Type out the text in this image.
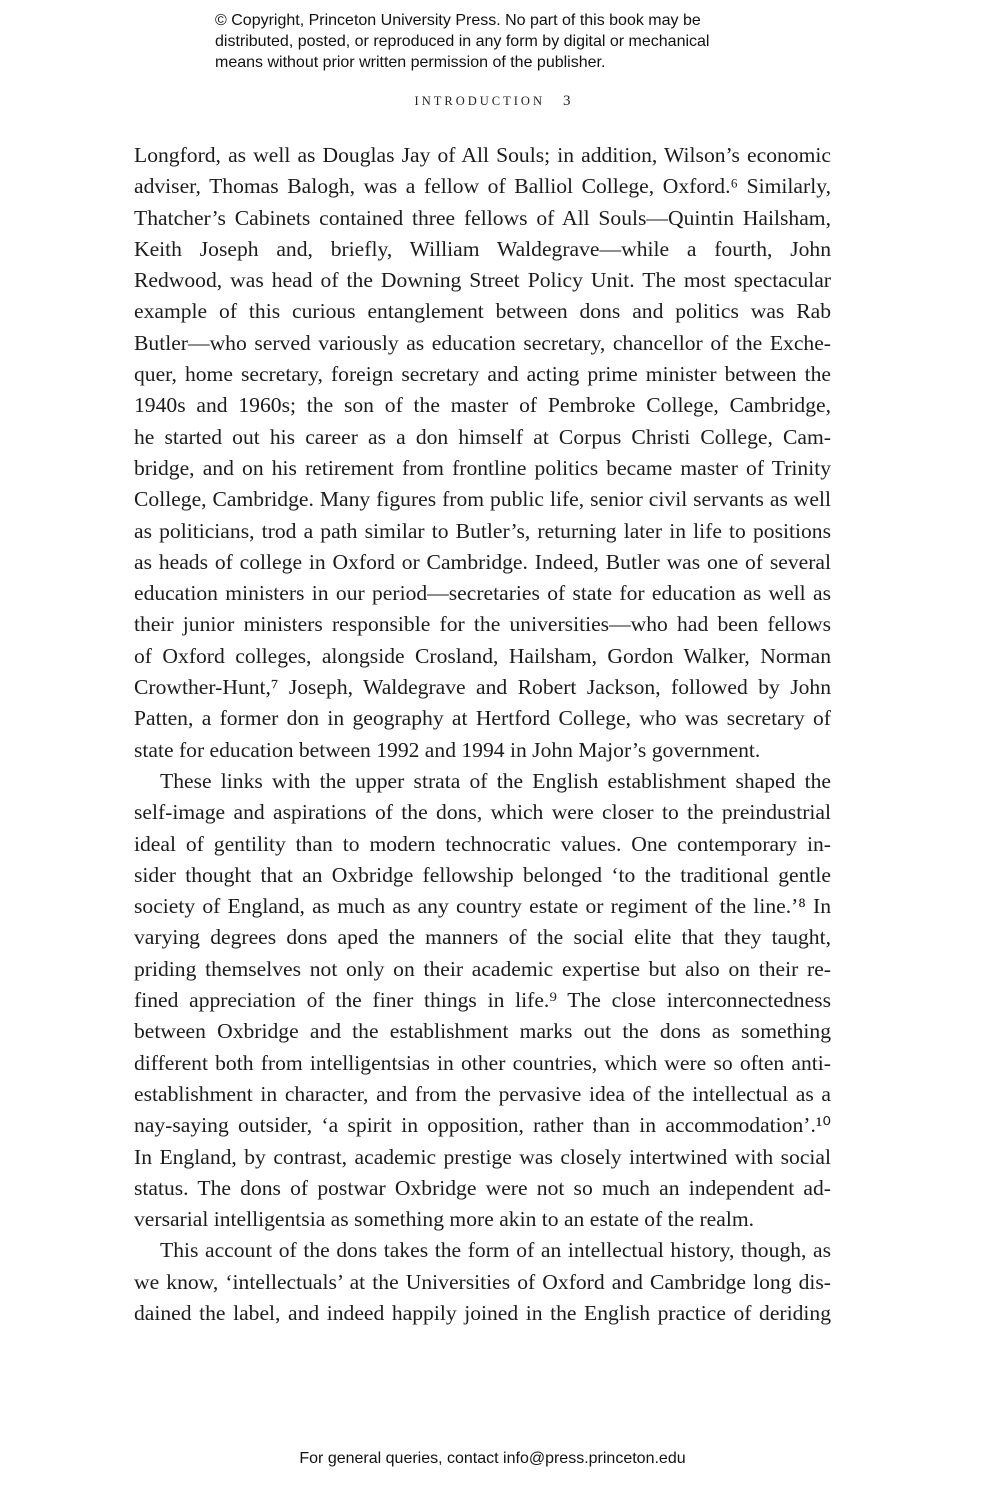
© Copyright, Princeton University Press. No part of this book may be
distributed, posted, or reproduced in any form by digital or mechanical
means without prior written permission of the publisher.
INTRODUCTION 3
Longford, as well as Douglas Jay of All Souls; in addition, Wilson’s economic
adviser, Thomas Balogh, was a fellow of Balliol College, Oxford.⁶ Similarly,
Thatcher’s Cabinets contained three fellows of All Souls—Quintin Hailsham,
Keith Joseph and, briefly, William Waldegrave—while a fourth, John
Redwood, was head of the Downing Street Policy Unit. The most spectacular
example of this curious entanglement between dons and politics was Rab
Butler—who served variously as education secretary, chancellor of the Exche-
quer, home secretary, foreign secretary and acting prime minister between the
1940s and 1960s; the son of the master of Pembroke College, Cambridge,
he started out his career as a don himself at Corpus Christi College, Cam-
bridge, and on his retirement from frontline politics became master of Trinity
College, Cambridge. Many figures from public life, senior civil servants as well
as politicians, trod a path similar to Butler’s, returning later in life to positions
as heads of college in Oxford or Cambridge. Indeed, Butler was one of several
education ministers in our period—secretaries of state for education as well as
their junior ministers responsible for the universities—who had been fellows
of Oxford colleges, alongside Crosland, Hailsham, Gordon Walker, Norman
Crowther-Hunt,⁷ Joseph, Waldegrave and Robert Jackson, followed by John
Patten, a former don in geography at Hertford College, who was secretary of
state for education between 1992 and 1994 in John Major’s government.
These links with the upper strata of the English establishment shaped the
self-image and aspirations of the dons, which were closer to the preindustrial
ideal of gentility than to modern technocratic values. One contemporary in-
sider thought that an Oxbridge fellowship belonged ‘to the traditional gentle
society of England, as much as any country estate or regiment of the line.’⁸ In
varying degrees dons aped the manners of the social elite that they taught,
priding themselves not only on their academic expertise but also on their re-
fined appreciation of the finer things in life.⁹ The close interconnectedness
between Oxbridge and the establishment marks out the dons as something
different both from intelligentsias in other countries, which were so often anti-
establishment in character, and from the pervasive idea of the intellectual as a
nay-saying outsider, ‘a spirit in opposition, rather than in accommodation’.¹⁰
In England, by contrast, academic prestige was closely intertwined with social
status. The dons of postwar Oxbridge were not so much an independent ad-
versarial intelligentsia as something more akin to an estate of the realm.
This account of the dons takes the form of an intellectual history, though, as
we know, ‘intellectuals’ at the Universities of Oxford and Cambridge long dis-
dained the label, and indeed happily joined in the English practice of deriding
For general queries, contact info@press.princeton.edu
